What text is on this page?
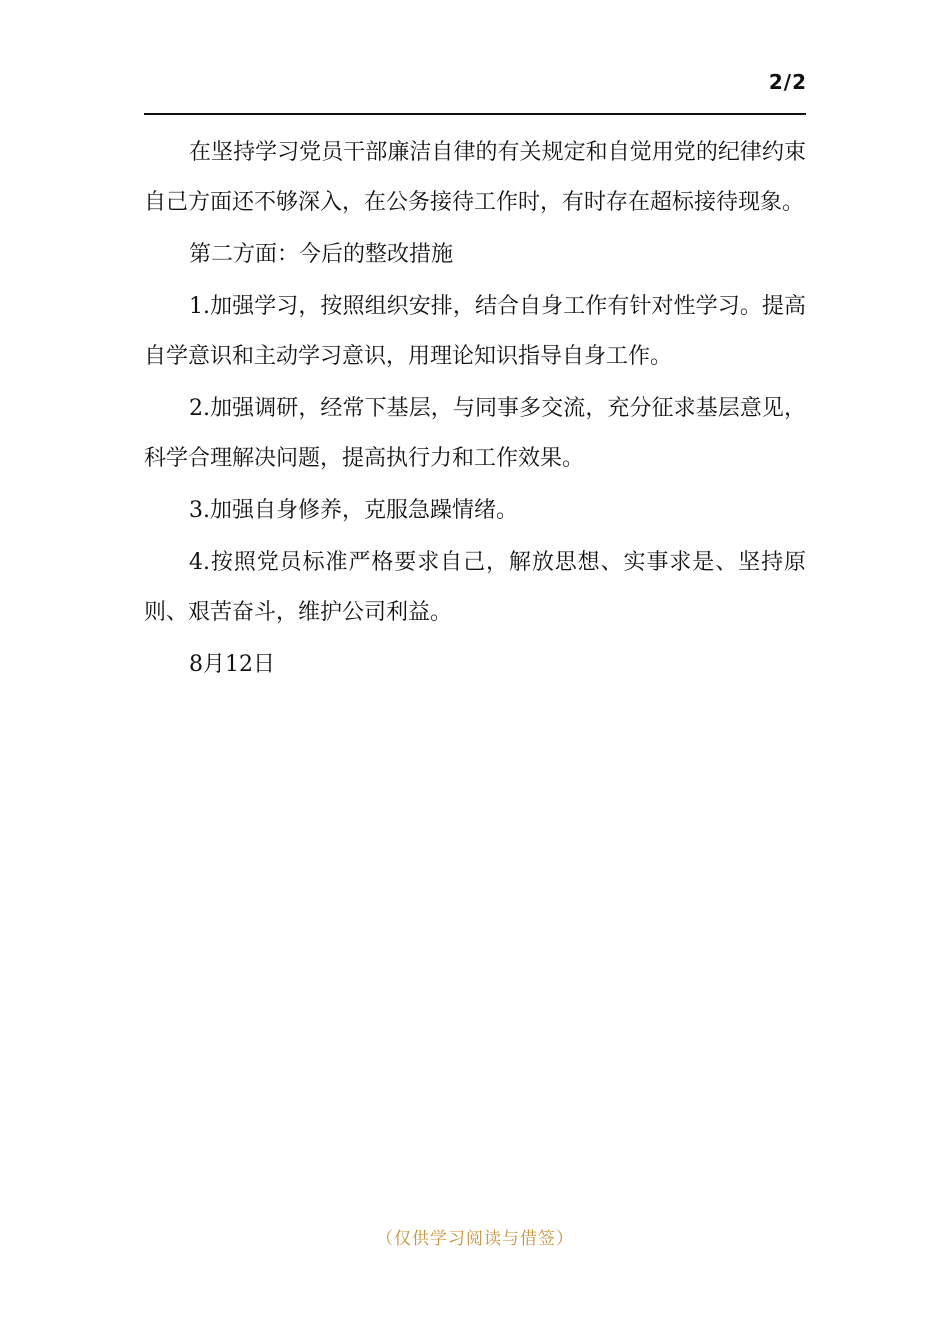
2/2

在坚持学习党员干部廉洁自律的有关规定和自觉用党的纪律约束自己方面还不够深入，在公务接待工作时，有时存在超标接待现象。

第二方面：今后的整改措施

1.加强学习，按照组织安排，结合自身工作有针对性学习。提高自学意识和主动学习意识，用理论知识指导自身工作。

2.加强调研，经常下基层，与同事多交流，充分征求基层意见，科学合理解决问题，提高执行力和工作效果。

3.加强自身修养，克服急躁情绪。

4.按照党员标准严格要求自己，解放思想、实事求是、坚持原则、艰苦奋斗，维护公司利益。

8月12日

（仅供学习阅读与借签）
